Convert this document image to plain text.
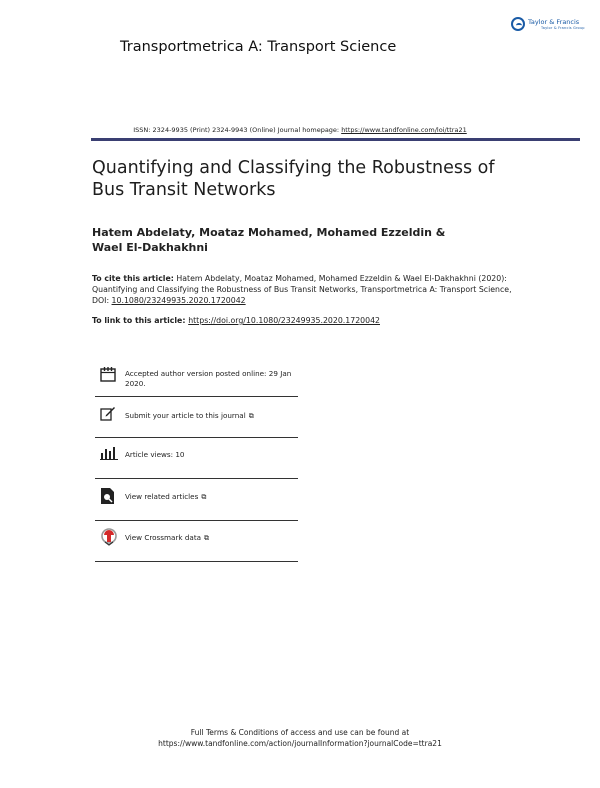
Taylor & Francis
Taylor & Francis Group
Transportmetrica A: Transport Science
ISSN: 2324-9935 (Print) 2324-9943 (Online) Journal homepage: https://www.tandfonline.com/loi/ttra21
Quantifying and Classifying the Robustness of Bus Transit Networks
Hatem Abdelaty, Moataz Mohamed, Mohamed Ezzeldin & Wael El-Dakhakhni
To cite this article: Hatem Abdelaty, Moataz Mohamed, Mohamed Ezzeldin & Wael El-Dakhakhni (2020): Quantifying and Classifying the Robustness of Bus Transit Networks, Transportmetrica A: Transport Science, DOI: 10.1080/23249935.2020.1720042
To link to this article: https://doi.org/10.1080/23249935.2020.1720042
Accepted author version posted online: 29 Jan 2020.
Submit your article to this journal ⧉
Article views: 10
View related articles ⧉
View Crossmark data ⧉
Full Terms & Conditions of access and use can be found at
https://www.tandfonline.com/action/journalInformation?journalCode=ttra21
